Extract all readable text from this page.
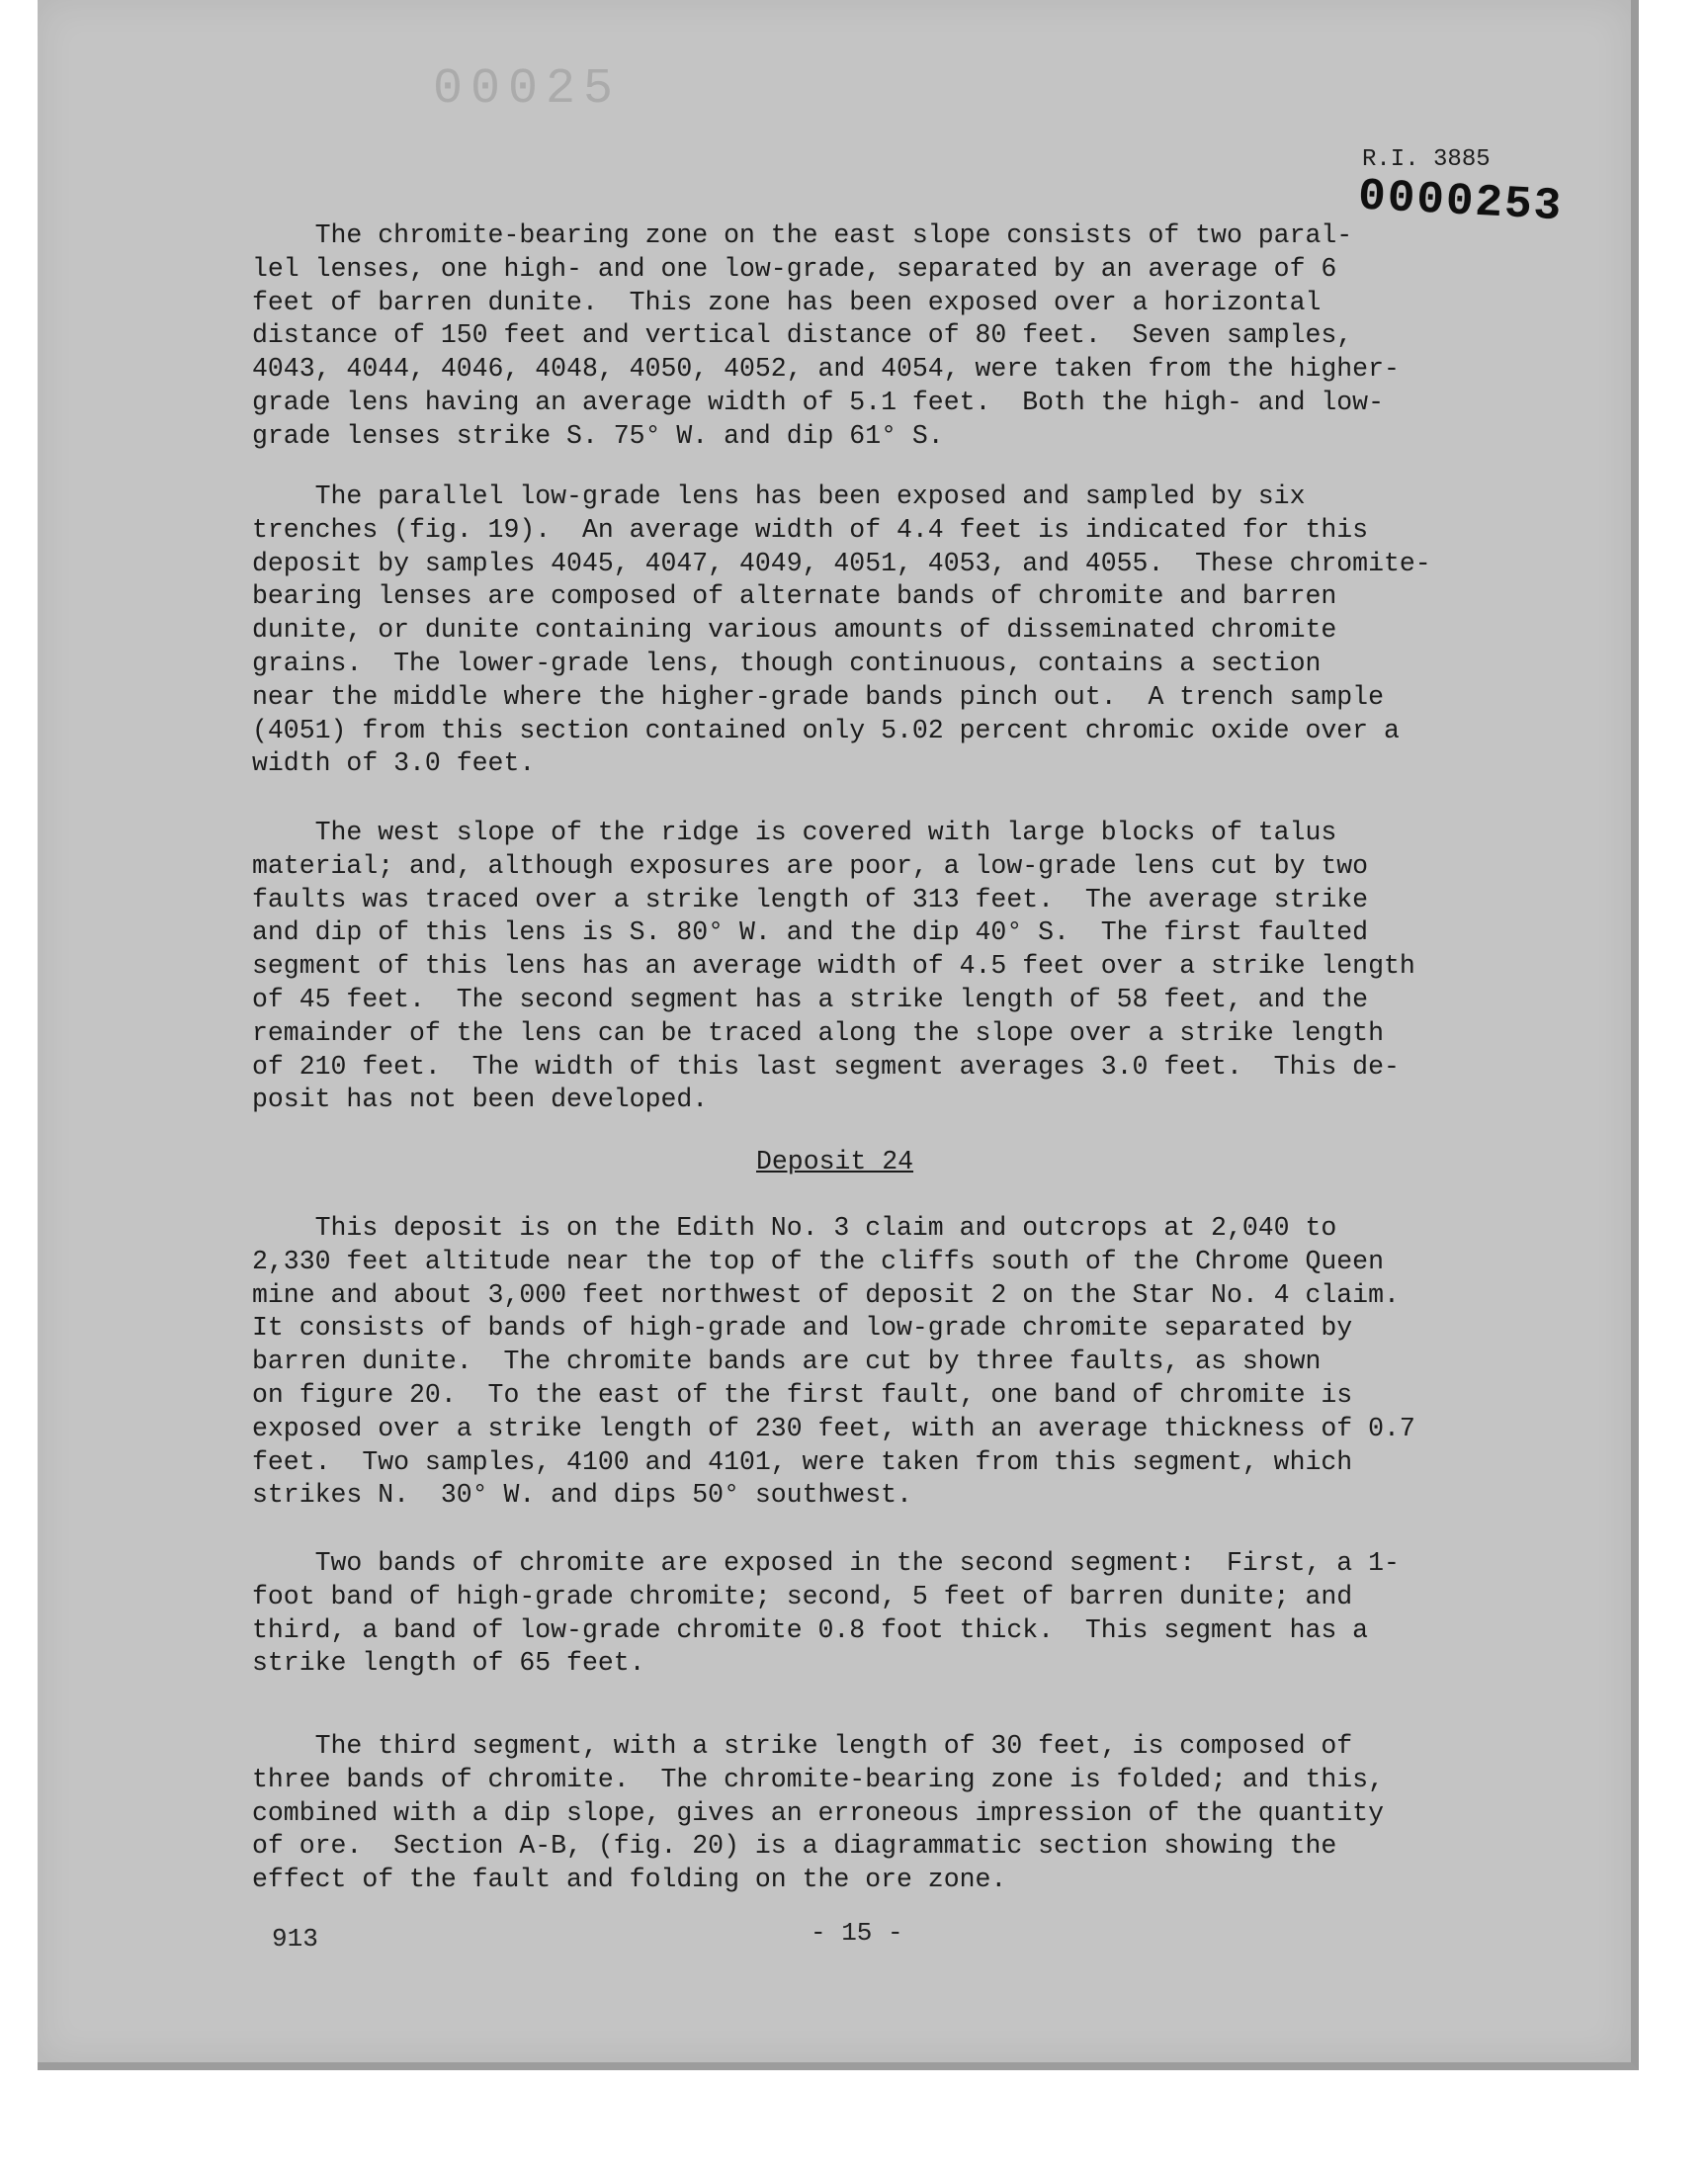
00025
R.I. 3885
0000253

The chromite-bearing zone on the east slope consists of two paral-
lel lenses, one high- and one low-grade, separated by an average of 6
feet of barren dunite.  This zone has been exposed over a horizontal
distance of 150 feet and vertical distance of 80 feet.  Seven samples,
4043, 4044, 4046, 4048, 4050, 4052, and 4054, were taken from the higher-
grade lens having an average width of 5.1 feet.  Both the high- and low-
grade lenses strike S. 75° W. and dip 61° S.

The parallel low-grade lens has been exposed and sampled by six
trenches (fig. 19).  An average width of 4.4 feet is indicated for this
deposit by samples 4045, 4047, 4049, 4051, 4053, and 4055.  These chromite-
bearing lenses are composed of alternate bands of chromite and barren
dunite, or dunite containing various amounts of disseminated chromite
grains.  The lower-grade lens, though continuous, contains a section
near the middle where the higher-grade bands pinch out.  A trench sample
(4051) from this section contained only 5.02 percent chromic oxide over a
width of 3.0 feet.

The west slope of the ridge is covered with large blocks of talus
material; and, although exposures are poor, a low-grade lens cut by two
faults was traced over a strike length of 313 feet.  The average strike
and dip of this lens is S. 80° W. and the dip 40° S.  The first faulted
segment of this lens has an average width of 4.5 feet over a strike length
of 45 feet.  The second segment has a strike length of 58 feet, and the
remainder of the lens can be traced along the slope over a strike length
of 210 feet.  The width of this last segment averages 3.0 feet.  This de-
posit has not been developed.

Deposit 24

This deposit is on the Edith No. 3 claim and outcrops at 2,040 to
2,330 feet altitude near the top of the cliffs south of the Chrome Queen
mine and about 3,000 feet northwest of deposit 2 on the Star No. 4 claim.
It consists of bands of high-grade and low-grade chromite separated by
barren dunite.  The chromite bands are cut by three faults, as shown
on figure 20.  To the east of the first fault, one band of chromite is
exposed over a strike length of 230 feet, with an average thickness of 0.7
feet.  Two samples, 4100 and 4101, were taken from this segment, which
strikes N.  30° W. and dips 50° southwest.

Two bands of chromite are exposed in the second segment:  First, a 1-
foot band of high-grade chromite; second, 5 feet of barren dunite; and
third, a band of low-grade chromite 0.8 foot thick.  This segment has a
strike length of 65 feet.

The third segment, with a strike length of 30 feet, is composed of
three bands of chromite.  The chromite-bearing zone is folded; and this,
combined with a dip slope, gives an erroneous impression of the quantity
of ore.  Section A-B, (fig. 20) is a diagrammatic section showing the
effect of the fault and folding on the ore zone.

913	- 15 -
